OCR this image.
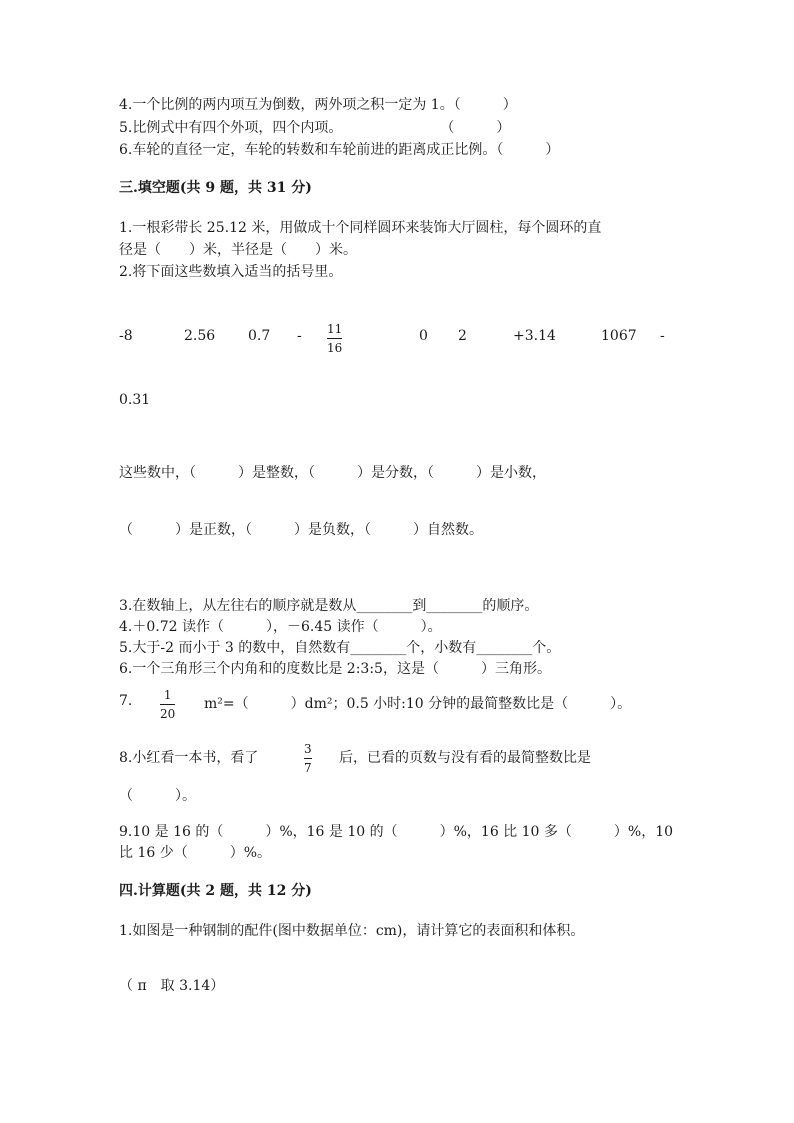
4.一个比例的两内项互为倒数，两外项之积一定为 1。（　　　）
5.比例式中有四个外项，四个内项。　　　　　　　　（　　　）
6.车轮的直径一定，车轮的转数和车轮前进的距离成正比例。（　　　）
三.填空题(共 9 题，共 31 分)
1.一根彩带长 25.12 米，用做成十个同样圆环来装饰大厅圆柱，每个圆环的直
径是（　　）米，半径是（　　）米。
2.将下面这些数填入适当的括号里。
-8	2.56 0.7 - 11
16
0 2	+3.14	1067 -
0.31
这些数中，（　　　）是整数，（　　　）是分数，（　　　）是小数，
（　　　）是正数，（　　　）是负数，（　　　）自然数。
3.在数轴上，从左往右的顺序就是数从________到________的顺序。
4.＋0.72 读作（　　　），－6.45 读作（　　　）。
5.大于-2 而小于 3 的数中，自然数有________个，小数有________个。
6.一个三角形三个内角和的度数比是 2:3:5，这是（　　　）三角形。
7.	1
20
m²=（　　　）dm²；0.5 小时:10 分钟的最简整数比是（　　　）。
8.小红看一本书，看了
3
7
后，已看的页数与没有看的最简整数比是
（　　　）。
9.10 是 16 的（　　　）%，16 是 10 的（　　　）%，16 比 10 多（　　　）%，10
比 16 少（　　　）%。
四.计算题(共 2 题，共 12 分)
1.如图是一种钢制的配件(图中数据单位：cm)，请计算它的表面积和体积。
（ π　取 3.14）
